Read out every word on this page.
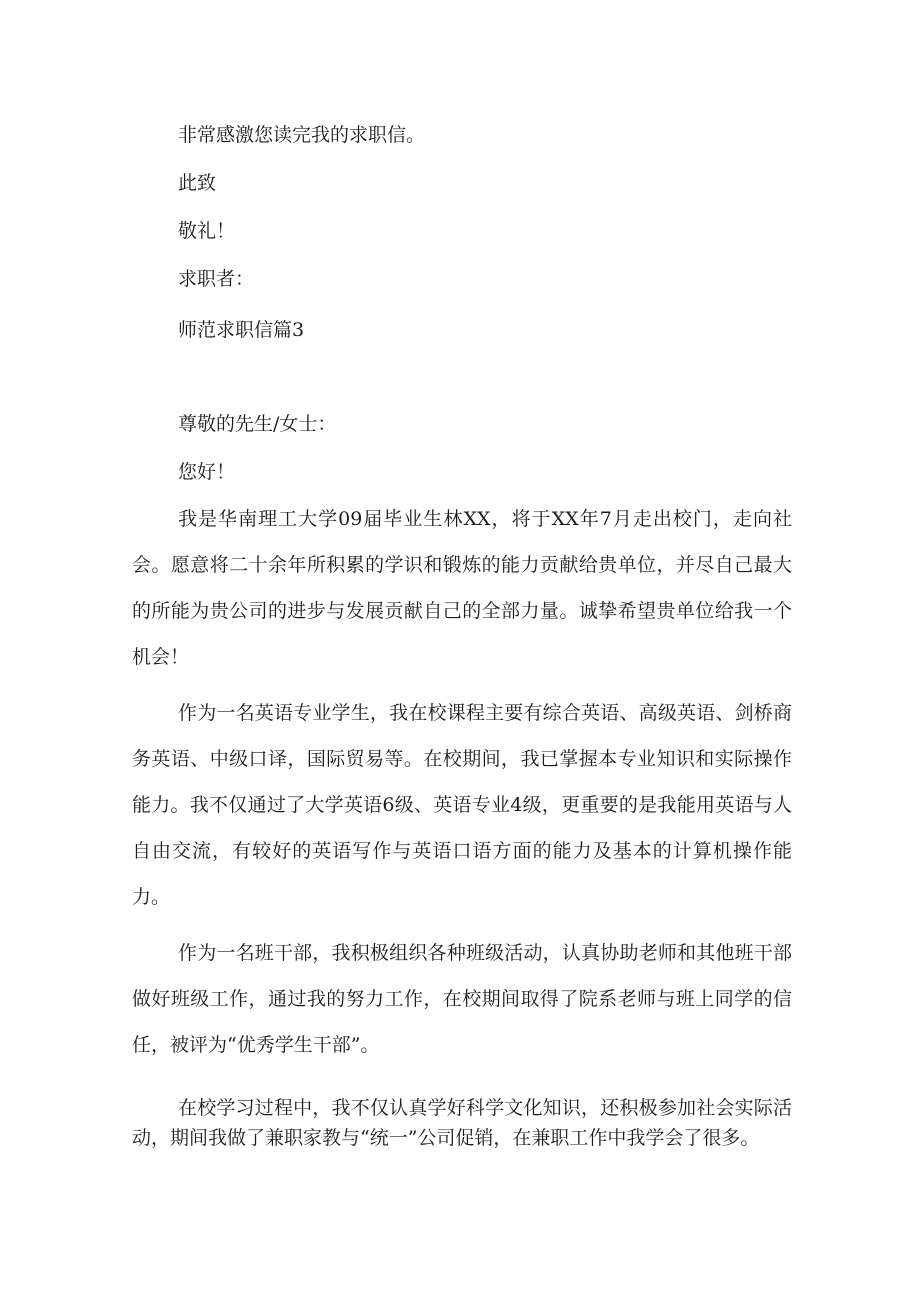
非常感激您读完我的求职信。
此致
敬礼！
求职者：
师范求职信篇3
尊敬的先生/女士：
您好！

我是华南理工大学09届毕业生林XX，将于XX年7月走出校门，走向社会。愿意将二十余年所积累的学识和锻炼的能力贡献给贵单位，并尽自己最大的所能为贵公司的进步与发展贡献自己的全部力量。诚挚希望贵单位给我一个机会！

作为一名英语专业学生，我在校课程主要有综合英语、高级英语、剑桥商务英语、中级口译，国际贸易等。在校期间，我已掌握本专业知识和实际操作能力。我不仅通过了大学英语6级、英语专业4级，更重要的是我能用英语与人自由交流，有较好的英语写作与英语口语方面的能力及基本的计算机操作能力。

作为一名班干部，我积极组织各种班级活动，认真协助老师和其他班干部做好班级工作，通过我的努力工作，在校期间取得了院系老师与班上同学的信任，被评为“优秀学生干部”。

在校学习过程中，我不仅认真学好科学文化知识，还积极参加社会实际活动，期间我做了兼职家教与“统一”公司促销，在兼职工作中我学会了很多。
